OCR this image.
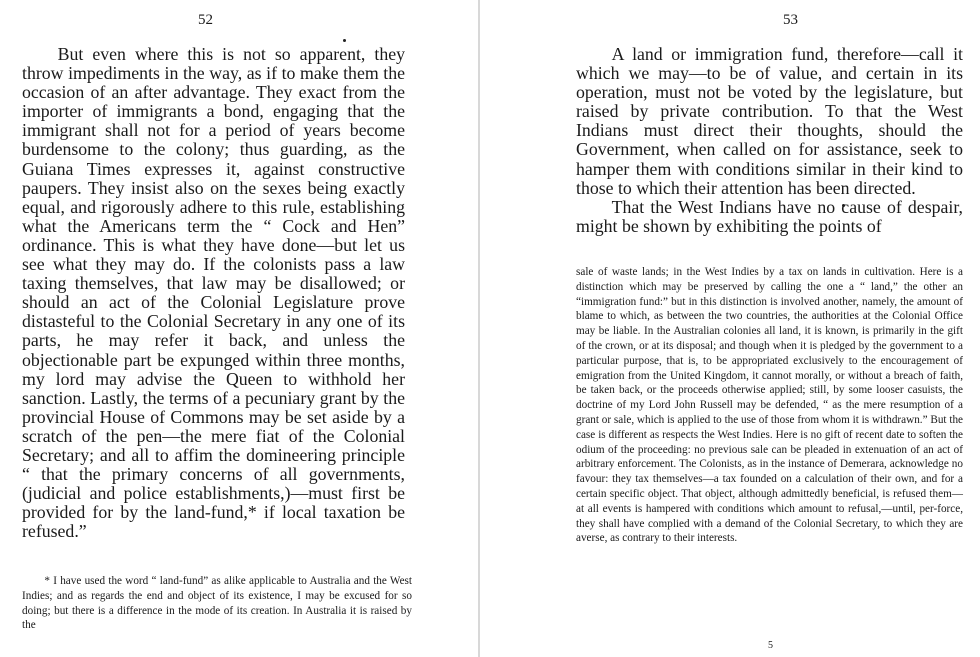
52

But even where this is not so apparent, they throw impediments in the way, as if to make them the occasion of an after advantage. They exact from the importer of immigrants a bond, engaging that the immigrant shall not for a period of years become burdensome to the colony; thus guarding, as the Guiana Times expresses it, against constructive paupers. They insist also on the sexes being exactly equal, and rigorously adhere to this rule, establishing what the Americans term the “ Cock and Hen” ordinance. This is what they have done—but let us see what they may do. If the colonists pass a law taxing themselves, that law may be disallowed; or should an act of the Colonial Legislature prove distasteful to the Colonial Secretary in any one of its parts, he may refer it back, and unless the objectionable part be expunged within three months, my lord may advise the Queen to withhold her sanction. Lastly, the terms of a pecuniary grant by the provincial House of Commons may be set aside by a scratch of the pen—the mere fiat of the Colonial Secretary; and all to affim the domineering principle “ that the primary concerns of all governments, (judicial and police establishments,)—must first be provided for by the land-fund,* if local taxation be refused.”

* I have used the word “ land-fund” as alike applicable to Australia and the West Indies; and as regards the end and object of its existence, I may be excused for so doing; but there is a difference in the mode of its creation. In Australia it is raised by the

53

A land or immigration fund, therefore—call it which we may—to be of value, and certain in its operation, must not be voted by the legislature, but raised by private contribution. To that the West Indians must direct their thoughts, should the Government, when called on for assistance, seek to hamper them with conditions similar in their kind to those to which their attention has been directed.

That the West Indians have no cause of despair, might be shown by exhibiting the points of

sale of waste lands; in the West Indies by a tax on lands in cultivation. Here is a distinction which may be preserved by calling the one a “ land,” the other an “immigration fund:” but in this distinction is involved another, namely, the amount of blame to which, as between the two countries, the authorities at the Colonial Office may be liable. In the Australian colonies all land, it is known, is primarily in the gift of the crown, or at its disposal; and though when it is pledged by the government to a particular purpose, that is, to be appropriated exclusively to the encouragement of emigration from the United Kingdom, it cannot morally, or without a breach of faith, be taken back, or the proceeds otherwise applied; still, by some looser casuists, the doctrine of my Lord John Russell may be defended, “ as the mere resumption of a grant or sale, which is applied to the use of those from whom it is withdrawn.” But the case is different as respects the West Indies. Here is no gift of recent date to soften the odium of the proceeding: no previous sale can be pleaded in extenuation of an act of arbitrary enforcement. The Colonists, as in the instance of Demerara, acknowledge no favour: they tax themselves—a tax founded on a calculation of their own, and for a certain specific object. That object, although admittedly beneficial, is refused them—at all events is hampered with conditions which amount to refusal,—until, per-force, they shall have complied with a demand of the Colonial Secretary, to which they are averse, as contrary to their interests.

5
